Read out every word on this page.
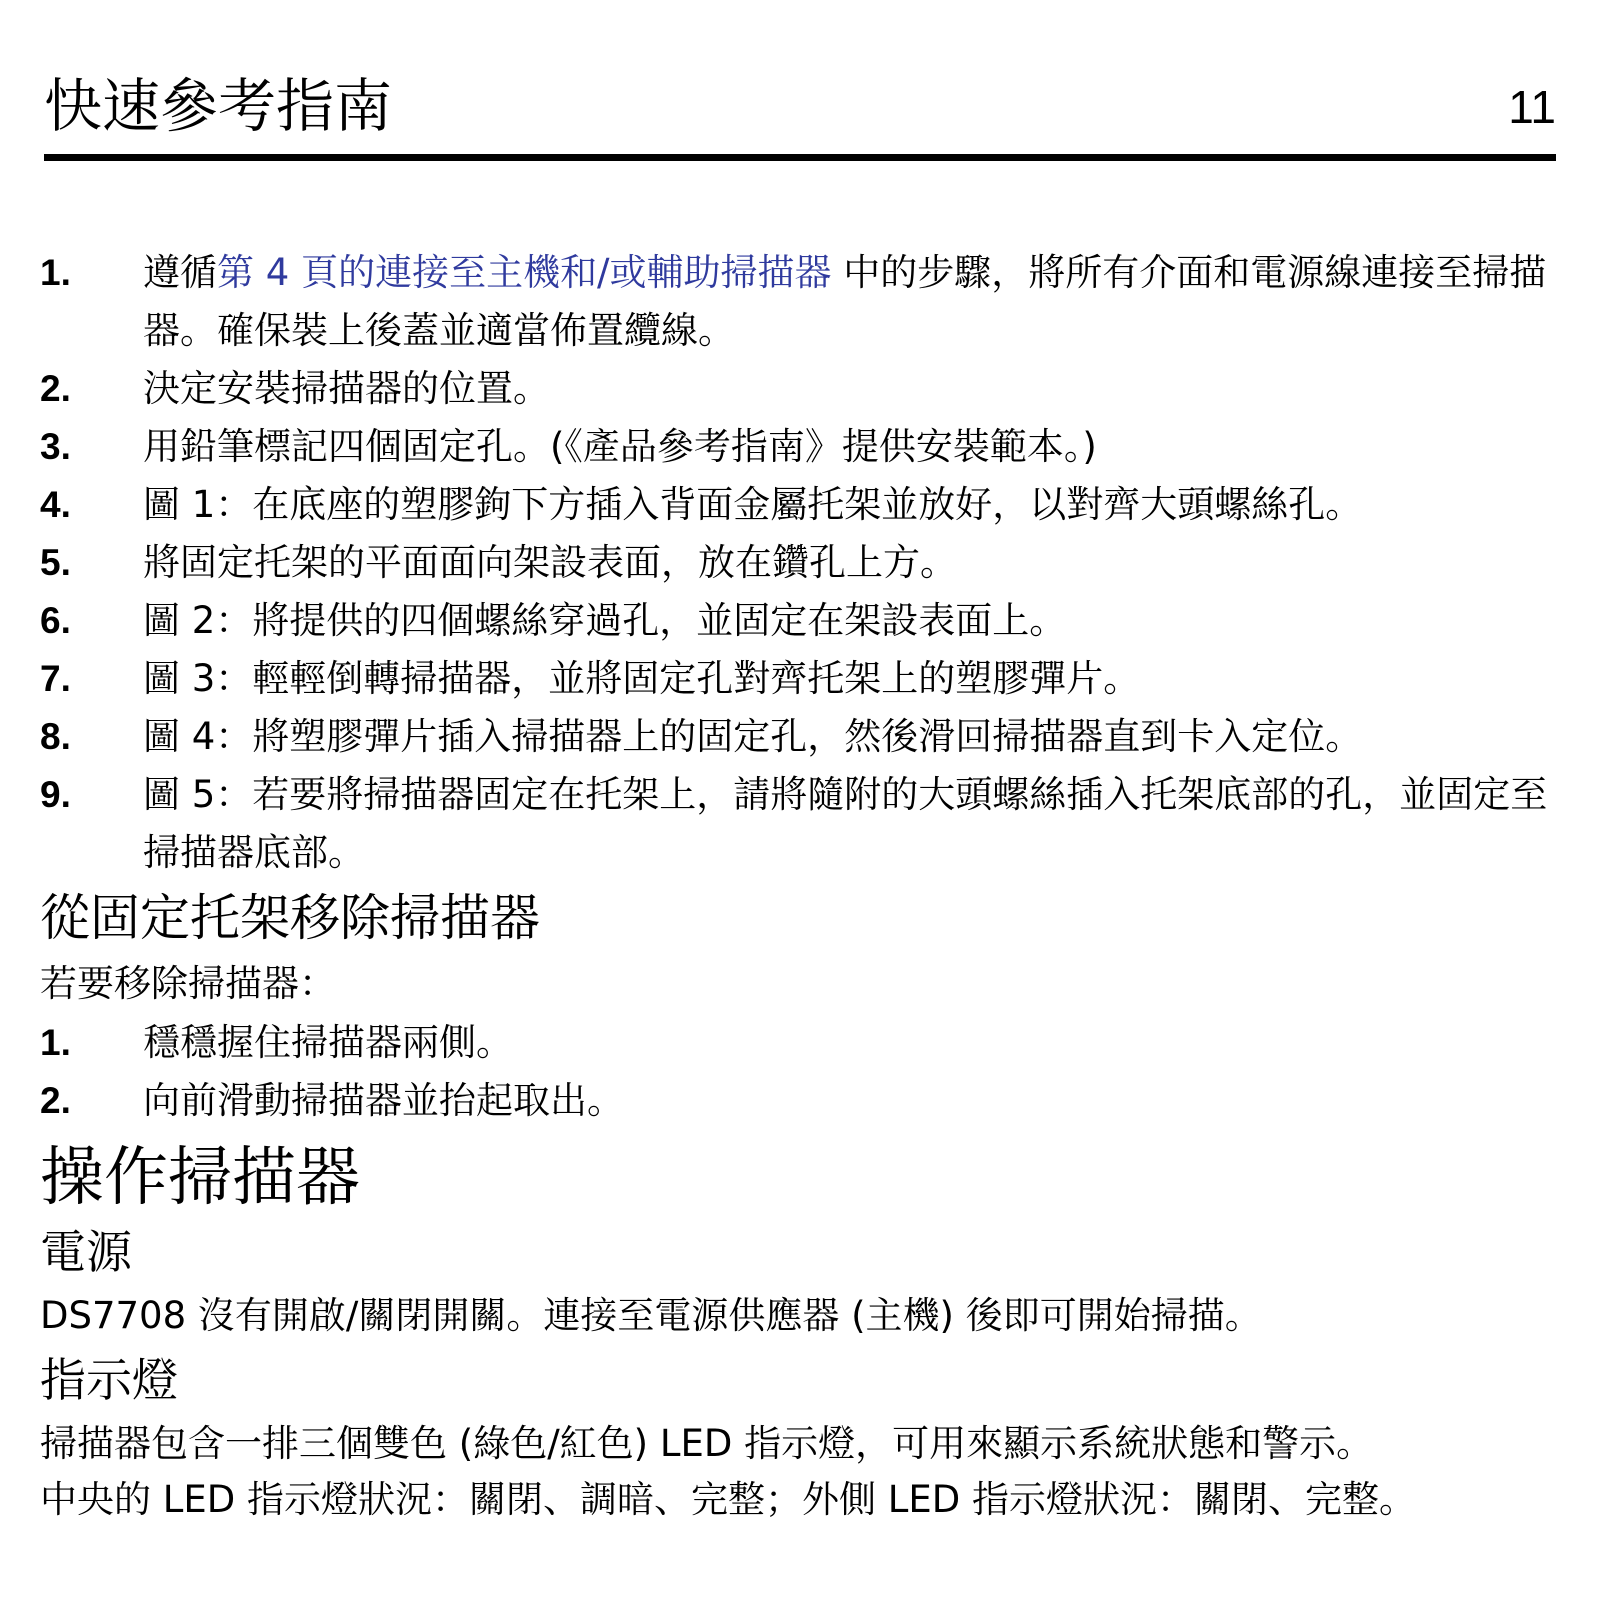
快速參考指南	11
1.	遵循第 4 頁的連接至主機和/或輔助掃描器 中的步驟，將所有介面和電源線連接至掃描器。確保裝上後蓋並適當佈置纜線。
2.	決定安裝掃描器的位置。
3.	用鉛筆標記四個固定孔。(《產品參考指南》提供安裝範本。)
4.	圖 1：在底座的塑膠鉤下方插入背面金屬托架並放好，以對齊大頭螺絲孔。
5.	將固定托架的平面面向架設表面，放在鑽孔上方。
6.	圖 2：將提供的四個螺絲穿過孔，並固定在架設表面上。
7.	圖 3：輕輕倒轉掃描器，並將固定孔對齊托架上的塑膠彈片。
8.	圖 4：將塑膠彈片插入掃描器上的固定孔，然後滑回掃描器直到卡入定位。
9.	圖 5：若要將掃描器固定在托架上，請將隨附的大頭螺絲插入托架底部的孔，並固定至掃描器底部。
從固定托架移除掃描器
若要移除掃描器：
1.	穩穩握住掃描器兩側。
2.	向前滑動掃描器並抬起取出。
操作掃描器
電源
DS7708 沒有開啟/關閉開關。連接至電源供應器 (主機) 後即可開始掃描。
指示燈
掃描器包含一排三個雙色 (綠色/紅色) LED 指示燈，可用來顯示系統狀態和警示。
中央的 LED 指示燈狀況：關閉、調暗、完整；外側 LED 指示燈狀況：關閉、完整。
